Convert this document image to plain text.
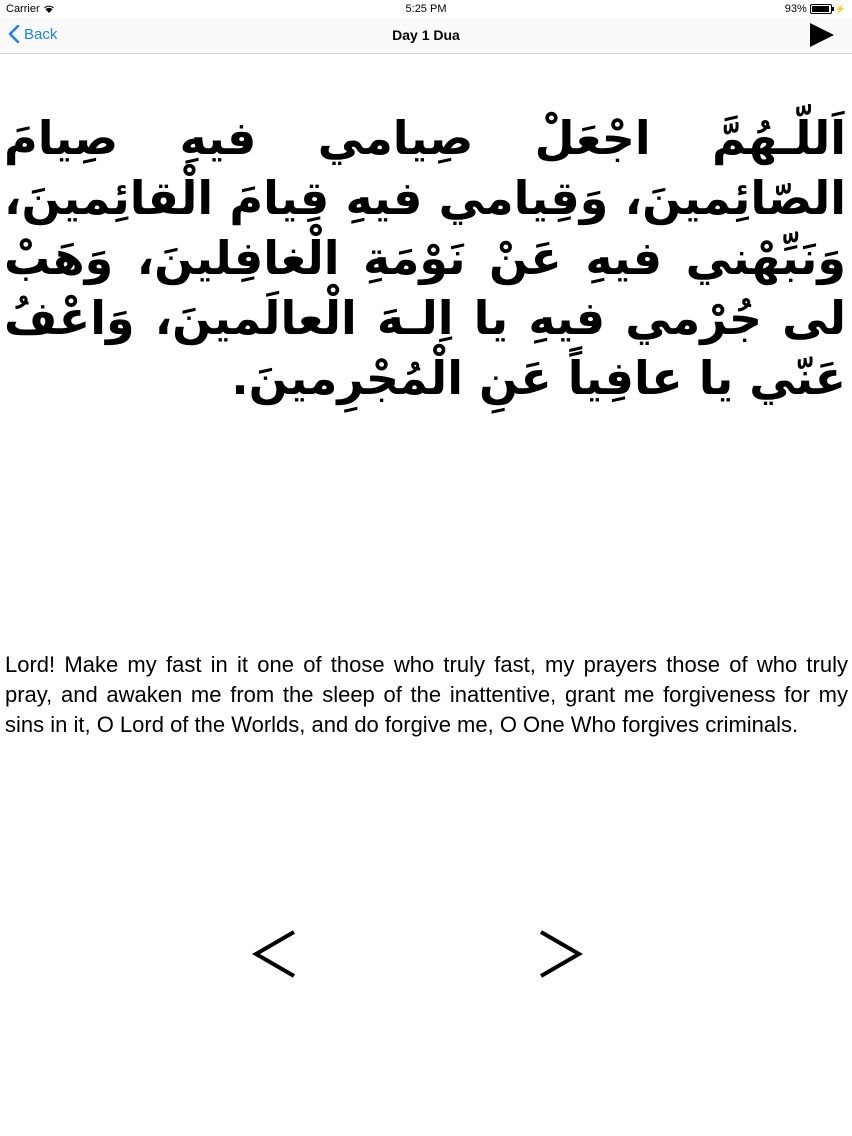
Carrier	5:25 PM	93%	⚡
Back	Day 1 Dua
اَللّـهُمَّ اجْعَلْ صِيامي فيهِ صِيامَ الصّائِمينَ، وَقِيامي فيهِ قِيامَ الْقائِمينَ، وَنَبِّهْني فيهِ عَنْ نَوْمَةِ الْغافِلينَ، وَهَبْ لى جُرْمي فيهِ يا اِلـهَ الْعالَمينَ، وَاعْفُ عَنّي يا عافِياً عَنِ الْمُجْرِمينَ.
Lord! Make my fast in it one of those who truly fast, my prayers those of who truly pray, and awaken me from the sleep of the inattentive, grant me forgiveness for my sins in it, O Lord of the Worlds, and do forgive me, O One Who forgives criminals.
